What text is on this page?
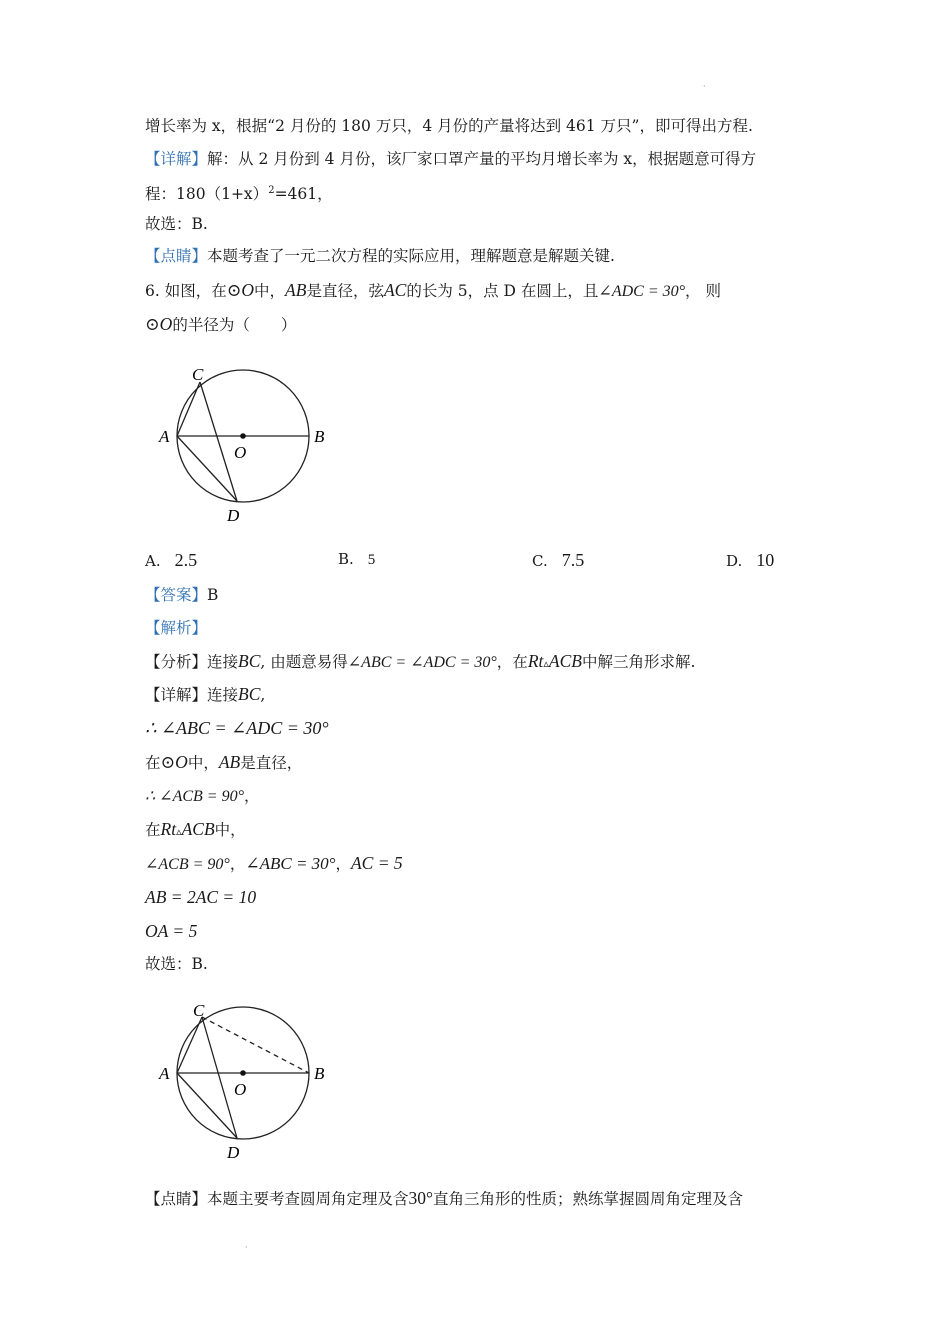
·
增长率为 x，根据“2 月份的 180 万只，4 月份的产量将达到 461 万只”，即可得出方程.
【详解】解：从 2 月份到 4 月份，该厂家口罩产量的平均月增长率为 x，根据题意可得方
程：$180(1+x)^2=461$，
故选：B.
【点睛】本题考查了一元二次方程的实际应用，理解题意是解题关键.
6. 如图，在⊙O中，AB是直径，弦AC的长为 5，点 D 在圆上，且∠ADC = 30°， 则
⊙O的半径为（　　）
C
A
O
B
D
A. 2.5	B. 5	C. 7.5	D. 10
【答案】B
【解析】
【分析】连接BC, 由题意易得∠ABC = ∠ADC = 30°，在Rt▵ACB中解三角形求解.
【详解】连接BC,
∴ ∠ABC = ∠ADC = 30°
在⊙O中，AB是直径，
∴ ∠ACB = 90°，
在Rt▵ACB中，
∠ACB = 90°，∠ABC = 30°，AC = 5
AB = 2AC = 10
OA = 5
故选：B.
C
A
O
B
D
【点睛】本题主要考查圆周角定理及含30°直角三角形的性质；熟练掌握圆周角定理及含
·
